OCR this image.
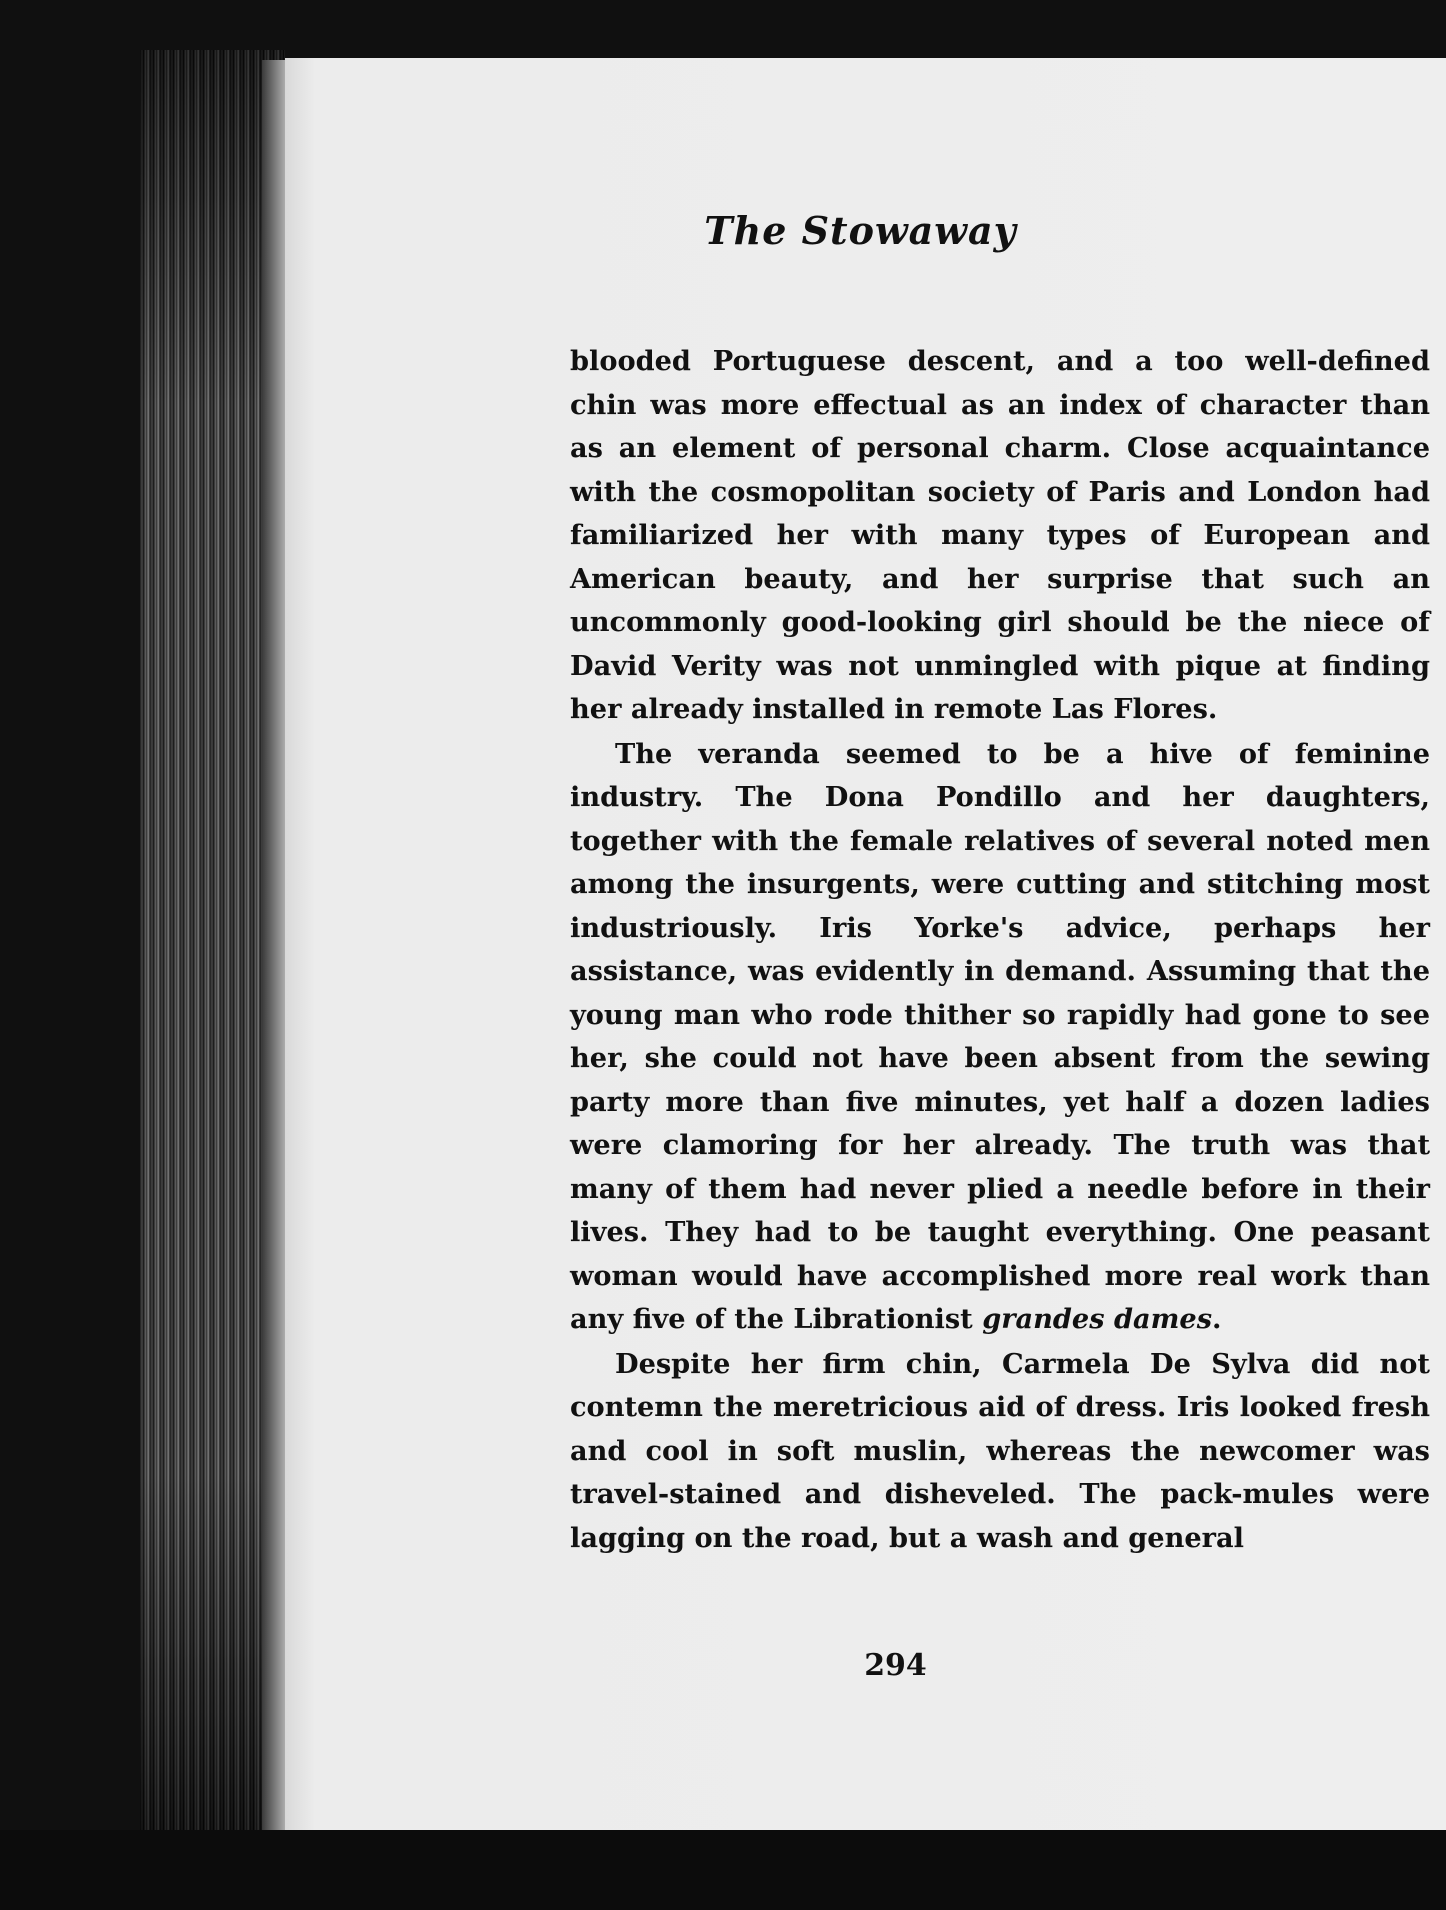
The Stowaway

blooded Portuguese descent, and a too well-defined chin was more effectual as an index of character than as an element of personal charm. Close acquaintance with the cosmopolitan society of Paris and London had familiarized her with many types of European and American beauty, and her surprise that such an uncommonly good-looking girl should be the niece of David Verity was not unmingled with pique at finding her already installed in remote Las Flores.

The veranda seemed to be a hive of feminine industry. The Dona Pondillo and her daughters, together with the female relatives of several noted men among the insurgents, were cutting and stitching most industriously. Iris Yorke's advice, perhaps her assistance, was evidently in demand. Assuming that the young man who rode thither so rapidly had gone to see her, she could not have been absent from the sewing party more than five minutes, yet half a dozen ladies were clamoring for her already. The truth was that many of them had never plied a needle before in their lives. They had to be taught everything. One peasant woman would have accomplished more real work than any five of the Librationist grandes dames.

Despite her firm chin, Carmela De Sylva did not contemn the meretricious aid of dress. Iris looked fresh and cool in soft muslin, whereas the newcomer was travel-stained and disheveled. The pack-mules were lagging on the road, but a wash and general

294
